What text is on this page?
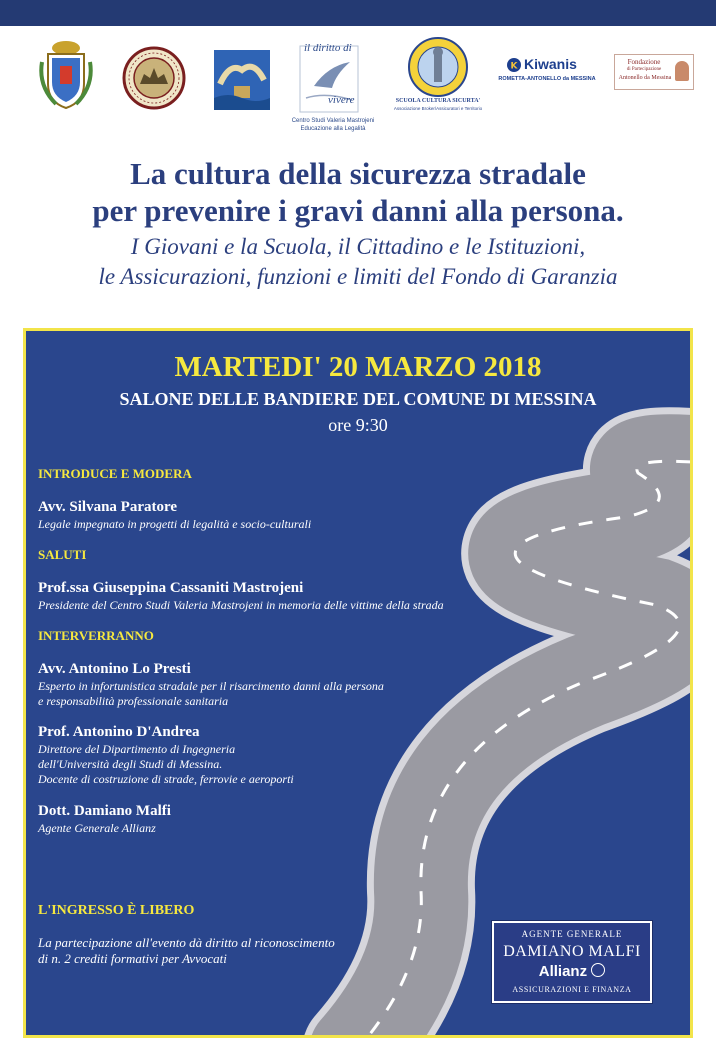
il diritto di
vivere
Centro Studi Valeria Mastrojeni
Educazione alla Legalità
SCUOLA CULTURA SICURTA'
Associazione Broker/Assicuratori e Territorio
K Kiwanis
ROMETTA-ANTONELLO da MESSINA
Fondazione
di Partecipazione
Antonello da Messina
La cultura della sicurezza stradale
per prevenire i gravi danni alla persona.
I Giovani e la Scuola, il Cittadino e le Istituzioni,
le Assicurazioni, funzioni e limiti del Fondo di Garanzia
MARTEDI' 20 MARZO 2018
SALONE DELLE BANDIERE DEL COMUNE DI MESSINA
ore 9:30
INTRODUCE E MODERA
Avv. Silvana Paratore
Legale impegnato in progetti di legalità e socio-culturali
SALUTI
Prof.ssa Giuseppina Cassaniti Mastrojeni
Presidente del Centro Studi Valeria Mastrojeni in memoria delle vittime della strada
INTERVERRANNO
Avv. Antonino Lo Presti
Esperto in infortunistica stradale per il risarcimento danni alla persona
e responsabilità professionale sanitaria
Prof. Antonino D'Andrea
Direttore del Dipartimento di Ingegneria
dell'Università degli Studi di Messina.
Docente di costruzione di strade, ferrovie e aeroporti
Dott. Damiano Malfi
Agente Generale Allianz
L'INGRESSO È LIBERO
La partecipazione all'evento dà diritto al riconoscimento
di n. 2 crediti formativi per Avvocati
AGENTE GENERALE
DAMIANO MALFI
Allianz
ASSICURAZIONI E FINANZA
